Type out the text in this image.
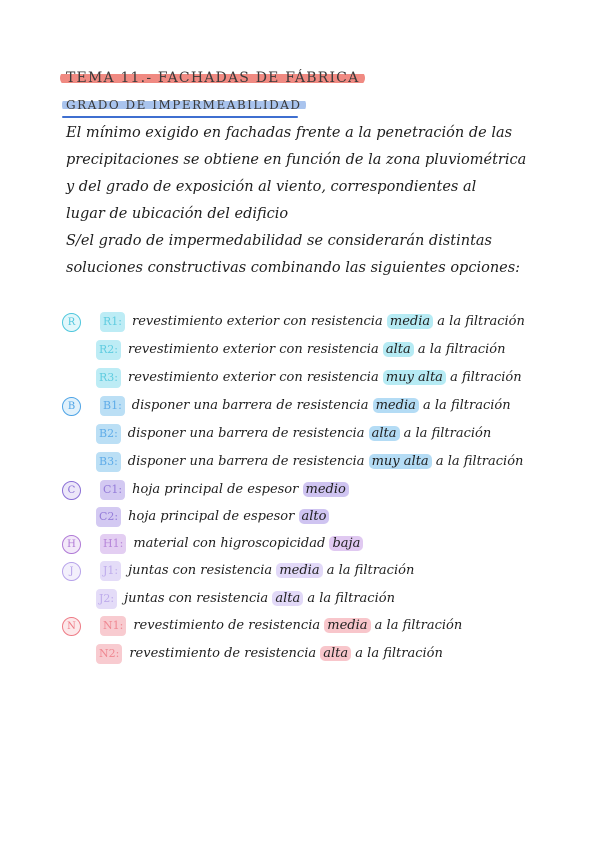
TEMA 11.- FACHADAS DE FÁBRICA
GRADO DE IMPERMEABILIDAD
El mínimo exigido en fachadas frente a la penetración de las
precipitaciones se obtiene en función de la zona pluviométrica
y del grado de exposición al viento, correspondientes al
lugar de ubicación del edificio
S/el grado de impermedabilidad se considerarán distintas
soluciones constructivas combinando las siguientes opciones:
R	R1: revestimiento exterior con resistencia media a la filtración
R2: revestimiento exterior con resistencia alta a la filtración
R3: revestimiento exterior con resistencia muy alta a filtración
B	B1: disponer una barrera de resistencia media a la filtración
B2: disponer una barrera de resistencia alta a la filtración
B3: disponer una barrera de resistencia muy alta a la filtración
C	C1: hoja principal de espesor medio
C2: hoja principal de espesor alto
H	H1: material con higroscopicidad baja
J	J1: juntas con resistencia media a la filtración
J2: juntas con resistencia alta a la filtración
N	N1: revestimiento de resistencia media a la filtración
N2: revestimiento de resistencia alta a la filtración
